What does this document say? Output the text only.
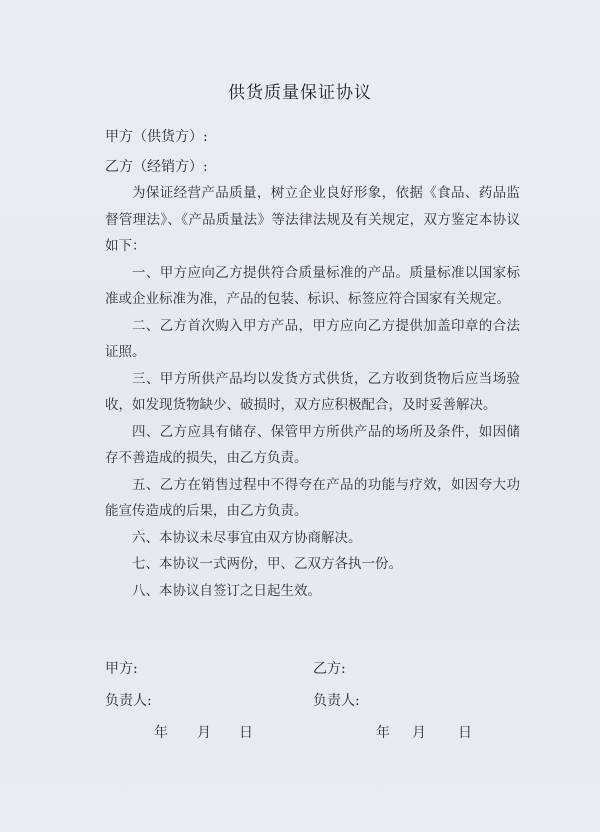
供货质量保证协议
甲方（供货方）:
乙方（经销方）:
为保证经营产品质量，树立企业良好形象，依据《食品、药品监督管理法》、《产品质量法》等法律法规及有关规定，双方鉴定本协议如下：
一、甲方应向乙方提供符合质量标准的产品。质量标准以国家标准或企业标准为准，产品的包装、标识、标签应符合国家有关规定。
二、乙方首次购入甲方产品，甲方应向乙方提供加盖印章的合法证照。
三、甲方所供产品均以发货方式供货，乙方收到货物后应当场验收，如发现货物缺少、破损时，双方应积极配合，及时妥善解决。
四、乙方应具有储存、保管甲方所供产品的场所及条件，如因储存不善造成的损失，由乙方负责。
五、乙方在销售过程中不得夸在产品的功能与疗效，如因夸大功能宣传造成的后果，由乙方负责。
六、本协议未尽事宜由双方协商解决。
七、本协议一式两份，甲、乙双方各执一份。
八、本协议自签订之日起生效。
甲方:	乙方:
负责人:	负责人:
年 月 日	年 月 日
